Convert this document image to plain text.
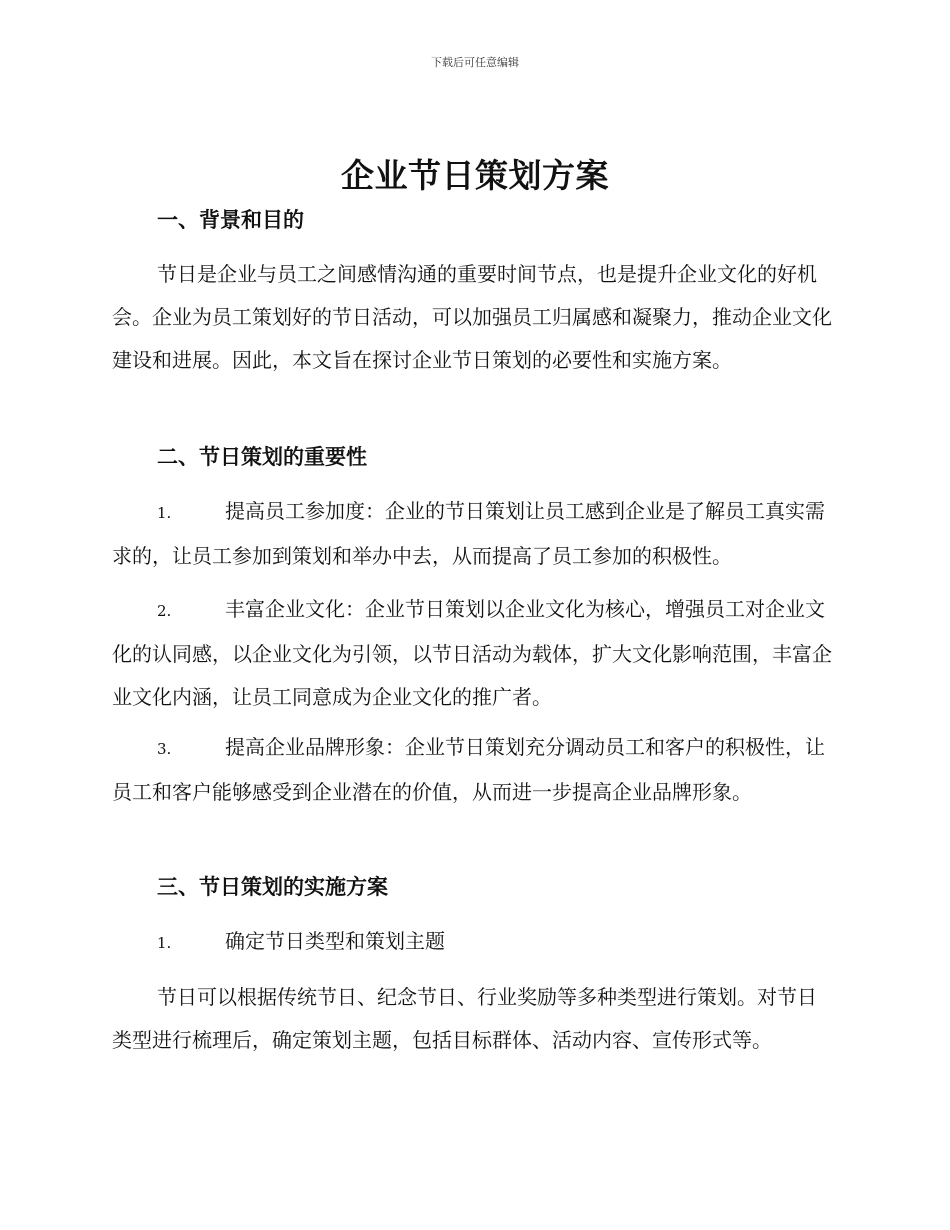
下载后可任意编辑
企业节日策划方案
一、背景和目的
节日是企业与员工之间感情沟通的重要时间节点，也是提升企业文化的好机会。企业为员工策划好的节日活动，可以加强员工归属感和凝聚力，推动企业文化建设和进展。因此，本文旨在探讨企业节日策划的必要性和实施方案。
二、节日策划的重要性
1.	提高员工参加度：企业的节日策划让员工感到企业是了解员工真实需求的，让员工参加到策划和举办中去，从而提高了员工参加的积极性。
2.	丰富企业文化：企业节日策划以企业文化为核心，增强员工对企业文化的认同感，以企业文化为引领，以节日活动为载体，扩大文化影响范围，丰富企业文化内涵，让员工同意成为企业文化的推广者。
3.	提高企业品牌形象：企业节日策划充分调动员工和客户的积极性，让员工和客户能够感受到企业潜在的价值，从而进一步提高企业品牌形象。
三、节日策划的实施方案
1.	确定节日类型和策划主题
节日可以根据传统节日、纪念节日、行业奖励等多种类型进行策划。对节日类型进行梳理后，确定策划主题，包括目标群体、活动内容、宣传形式等。
